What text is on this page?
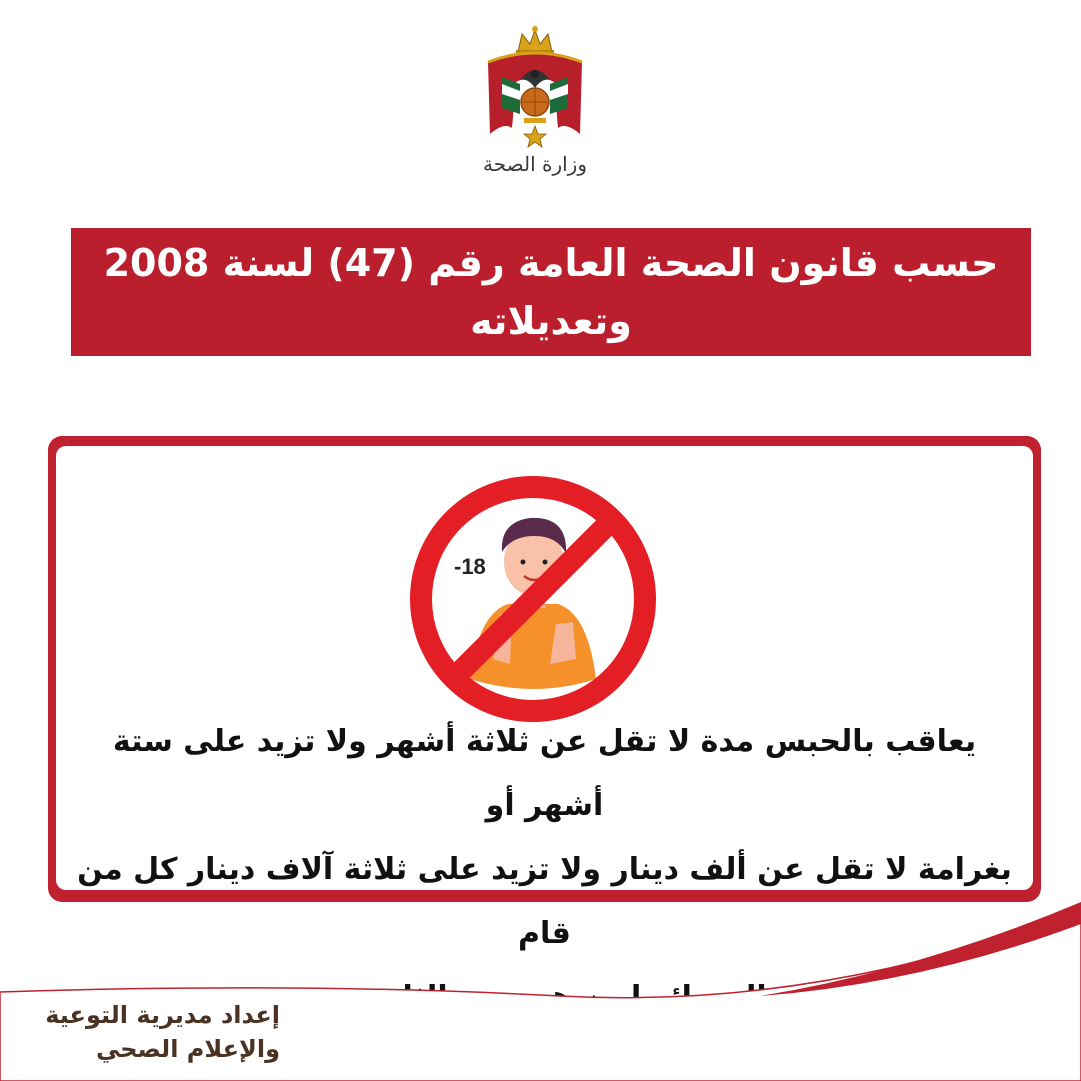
وزارة الصحة
حسب قانون الصحة العامة رقم (47) لسنة 2008
وتعديلاته
-18
يعاقب بالحبس مدة لا تقل عن ثلاثة أشهر ولا تزيد على ستة أشهر أو
بغرامة لا تقل عن ألف دينار ولا تزيد على ثلاثة آلاف دينار كل من قام
إعداد مديرية التوعية
والإعلام الصحي
